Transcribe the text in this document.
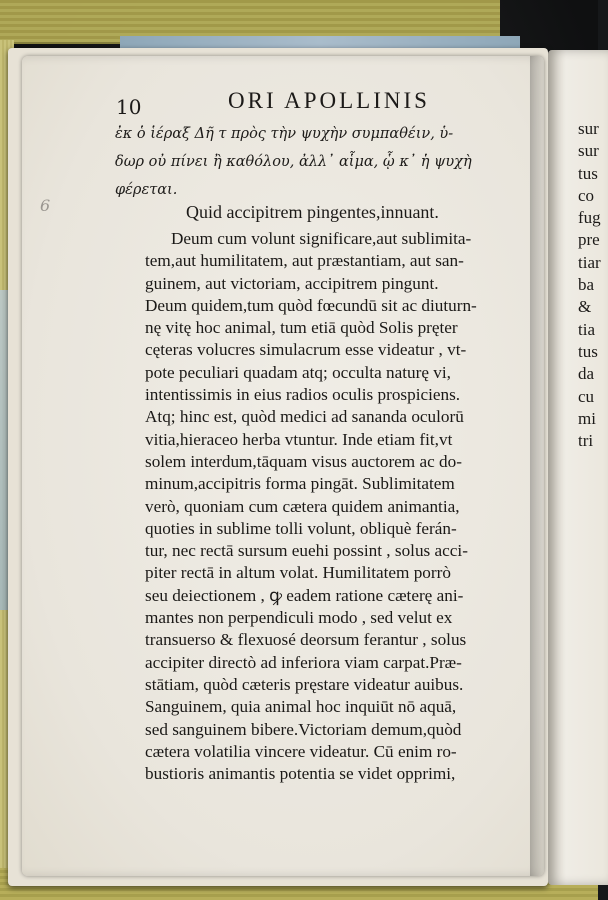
sur
sur
tus
co
fug
pre
tiar
ba
&
tia
tus
da
cu
mi
tri
6
10	ORI APOLLINIS
ἐκ ὁ ἱέραξ Δῆ τ πρὸς τὴν ψυχὴν συμπαθέιν, ὑ-
δωρ οὐ πίνει ἢ καθόλου, ἀλλ᾽ αἷμα, ᾧ κ᾽ ἡ ψυχὴ
φέρεται.
Quid accipitrem pingentes,innuant.
Deum cum volunt significare,aut sublimita-
tem,aut humilitatem, aut præstantiam, aut san-
guinem, aut victoriam, accipitrem pingunt.
Deum quidem,tum quòd fœcundū sit ac diuturn-
nę vitę hoc animal, tum etiā quòd Solis pręter
cęteras volucres simulacrum esse videatur , vt-
pote peculiari quadam atq; occulta naturę vi,
intentissimis in eius radios oculis prospiciens.
Atq; hinc est, quòd medici ad sananda oculorū
vitia,hieraceo herba vtuntur. Inde etiam fit,vt
solem interdum,tāquam visus auctorem ac do-
minum,accipitris forma pingāt. Sublimitatem
verò, quoniam cum cætera quidem animantia,
quoties in sublime tolli volunt, obliquè ferán-
tur, nec rectā sursum euehi possint , solus acci-
piter rectā in altum volat. Humilitatem porrò
seu deiectionem , ꝙ eadem ratione cæterę ani-
mantes non perpendiculi modo , sed velut ex
transuerso & flexuosé deorsum ferantur , solus
accipiter directò ad inferiora viam carpat.Præ-
stātiam, quòd cæteris pręstare videatur auibus.
Sanguinem, quia animal hoc inquiūt nō aquā,
sed sanguinem bibere.Victoriam demum,quòd
cætera volatilia vincere videatur. Cū enim ro-
bustioris animantis potentia se videt opprimi,
